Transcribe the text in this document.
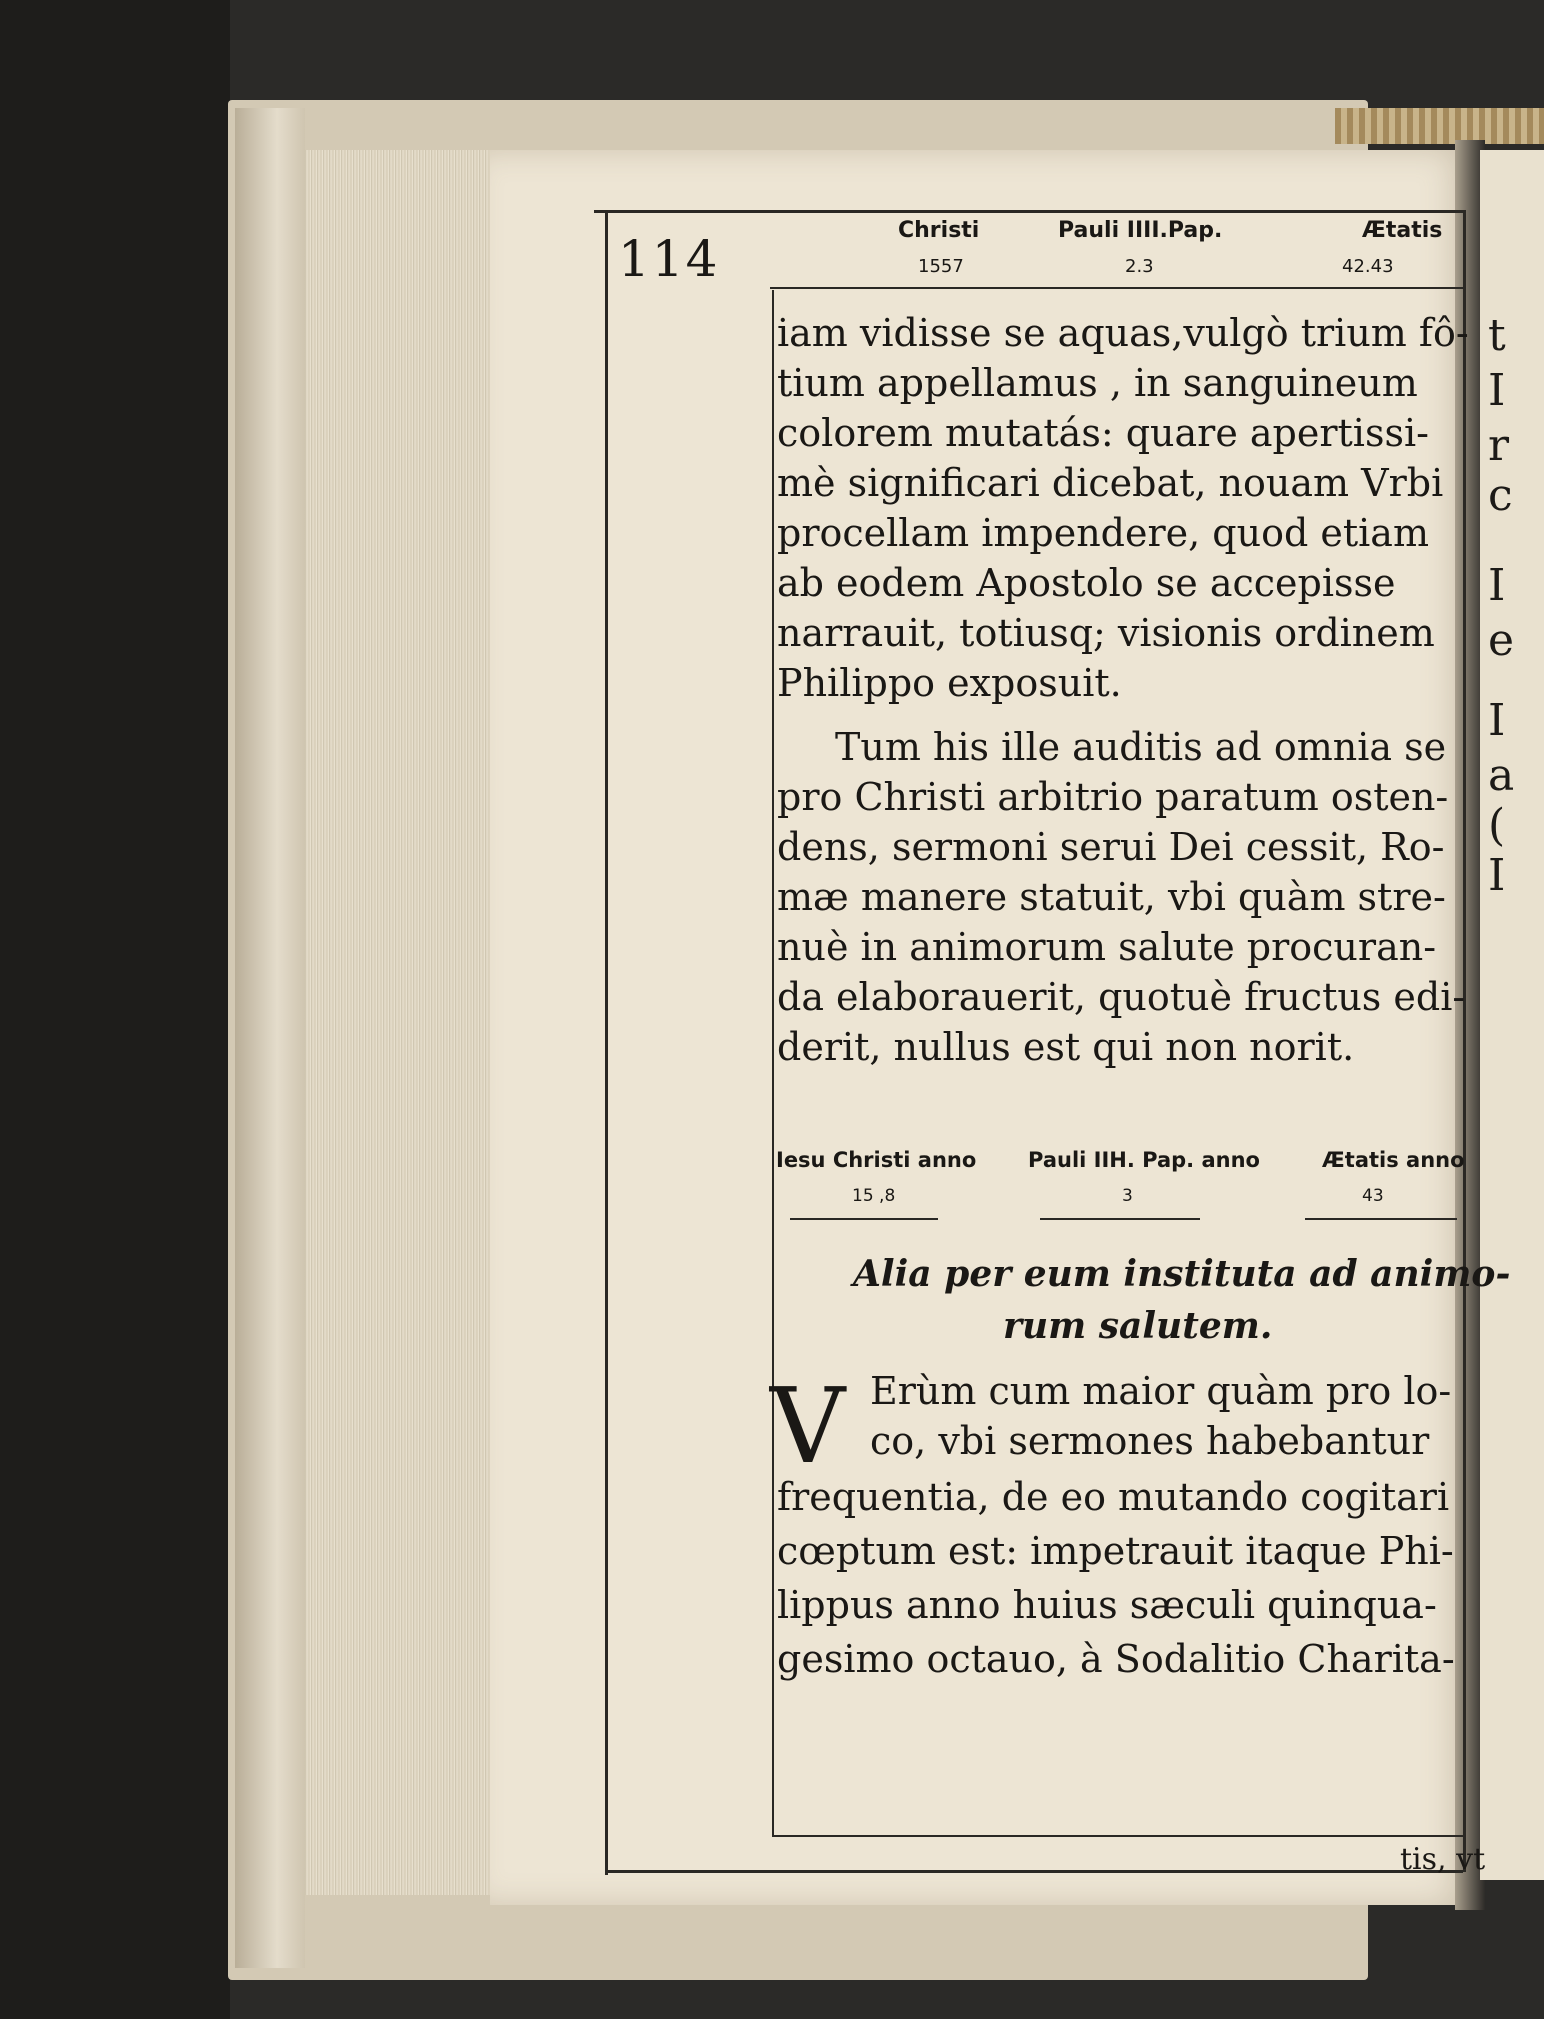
t
I
r
c
I
e
I
a
(
I
114	Christi
1557
Pauli IIII.Pap.
2.3
Ætatis
42.43
iam vidisse se aquas,vulgò trium fô-
tium appellamus , in sanguineum
colorem mutatás: quare apertissi-
mè significari dicebat, nouam Vrbi
procellam impendere, quod etiam
ab eodem Apostolo se accepisse
narrauit, totiusq; visionis ordinem
Philippo exposuit.
Tum his ille auditis ad omnia se
pro Christi arbitrio paratum osten-
dens, sermoni serui Dei cessit, Ro-
mæ manere statuit, vbi quàm stre-
nuè in animorum salute procuran-
da elaborauerit, quotuè fructus edi-
derit, nullus est qui non norit.
Iesu Christi anno
15 ,8
Pauli IIH. Pap. anno
3
Ætatis anno
43
Alia per eum instituta ad animo-
rum salutem.
V Erùm cum maior quàm pro lo-
co, vbi sermones habebantur
frequentia, de eo mutando cogitari
cœptum est: impetrauit itaque Phi-
lippus anno huius sæculi quinqua-
gesimo octauo, à Sodalitio Charita-
tis, vt
